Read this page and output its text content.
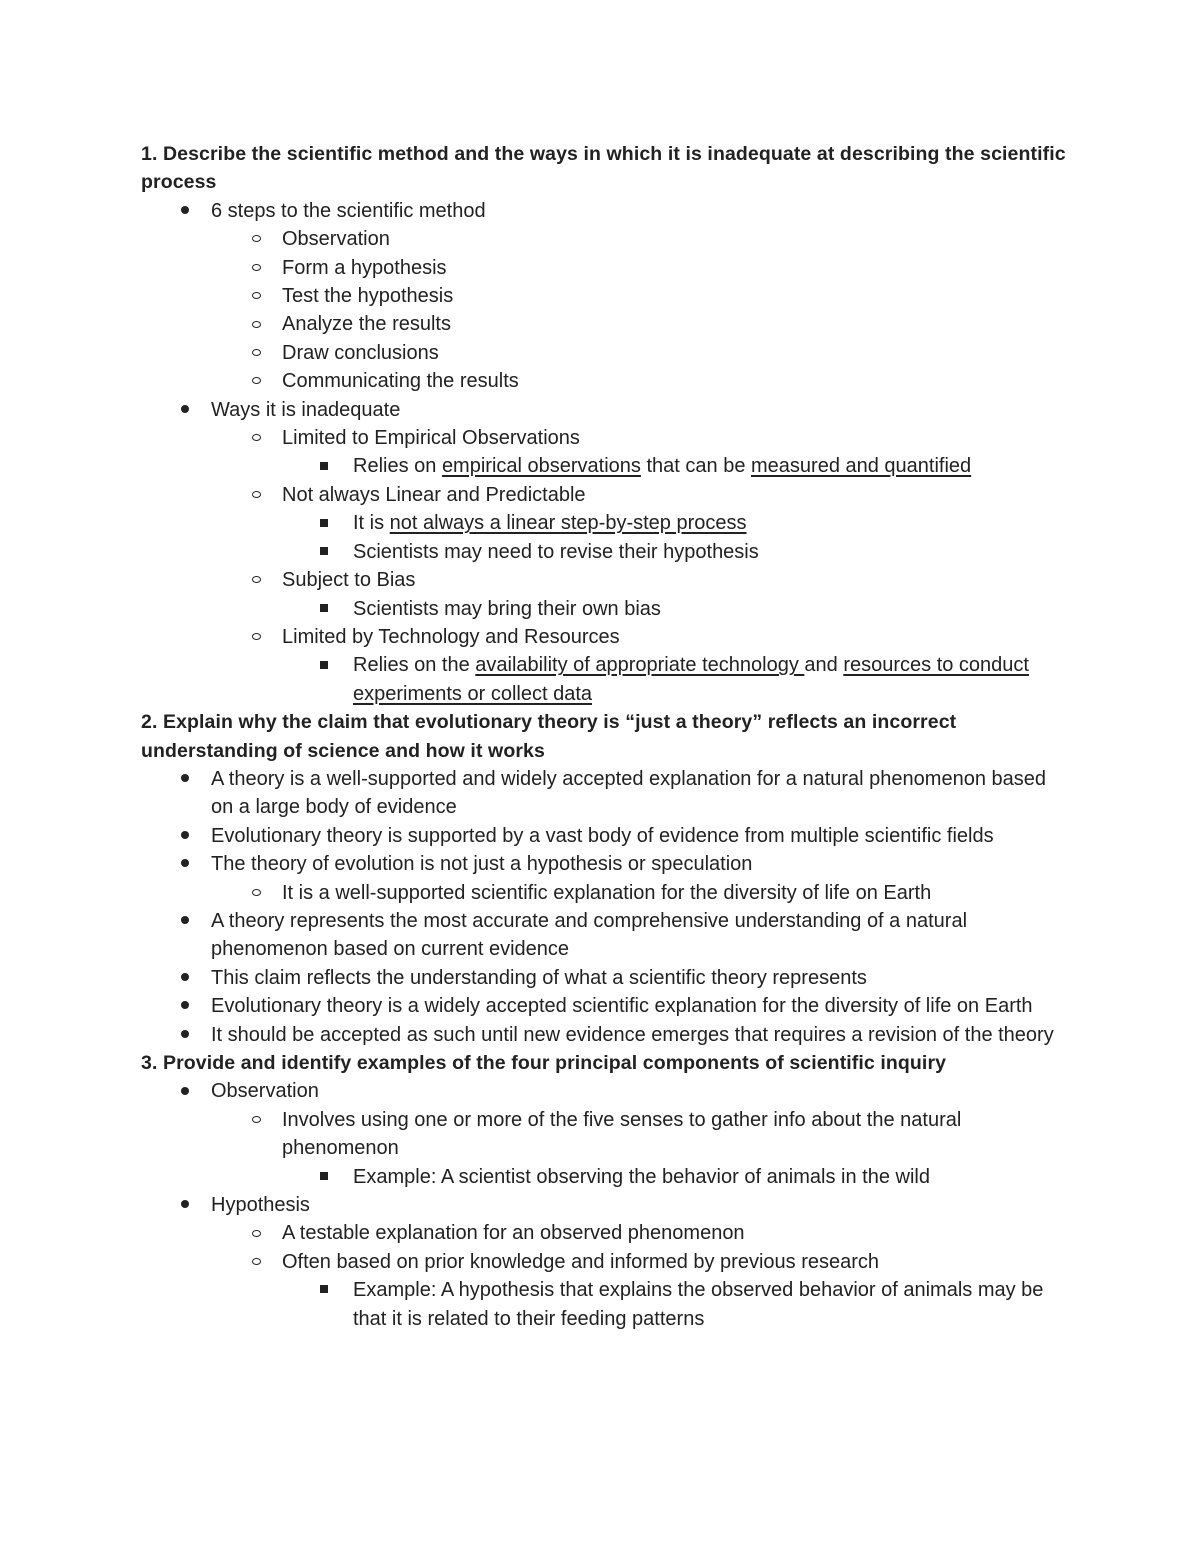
1. Describe the scientific method and the ways in which it is inadequate at describing the scientific process

6 steps to the scientific method
Observation
Form a hypothesis
Test the hypothesis
Analyze the results
Draw conclusions
Communicating the results
Ways it is inadequate
Limited to Empirical Observations
Relies on empirical observations that can be measured and quantified
Not always Linear and Predictable
It is not always a linear step-by-step process
Scientists may need to revise their hypothesis
Subject to Bias
Scientists may bring their own bias
Limited by Technology and Resources
Relies on the availability of appropriate technology and resources to conduct experiments or collect data

2. Explain why the claim that evolutionary theory is “just a theory” reflects an incorrect understanding of science and how it works

A theory is a well-supported and widely accepted explanation for a natural phenomenon based on a large body of evidence
Evolutionary theory is supported by a vast body of evidence from multiple scientific fields
The theory of evolution is not just a hypothesis or speculation
It is a well-supported scientific explanation for the diversity of life on Earth
A theory represents the most accurate and comprehensive understanding of a natural phenomenon based on current evidence
This claim reflects the understanding of what a scientific theory represents
Evolutionary theory is a widely accepted scientific explanation for the diversity of life on Earth
It should be accepted as such until new evidence emerges that requires a revision of the theory

3. Provide and identify examples of the four principal components of scientific inquiry

Observation
Involves using one or more of the five senses to gather info about the natural phenomenon
Example: A scientist observing the behavior of animals in the wild
Hypothesis
A testable explanation for an observed phenomenon
Often based on prior knowledge and informed by previous research
Example: A hypothesis that explains the observed behavior of animals may be that it is related to their feeding patterns
